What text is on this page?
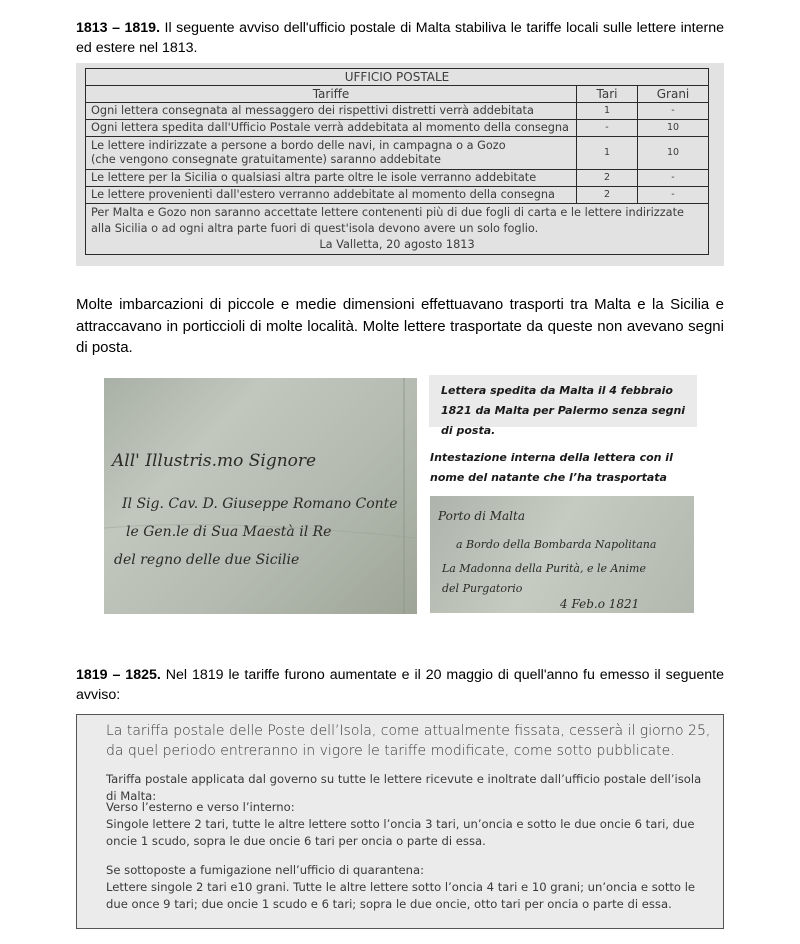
1813 – 1819. Il seguente avviso dell'ufficio postale di Malta stabiliva le tariffe locali sulle lettere interne ed estere nel 1813.
UFFICIO POSTALE		
Tariffe	Tari	Grani
Ogni lettera consegnata al messaggero dei rispettivi distretti verrà addebitata	1	-
Ogni lettera spedita dall'Ufficio Postale verrà addebitata al momento della consegna	-	10
Le lettere indirizzate a persone a bordo delle navi, in campagna o a Gozo
(che vengono consegnate gratuitamente) saranno addebitate	1	10
Le lettere per la Sicilia o qualsiasi altra parte oltre le isole verranno addebitate	2	-
Le lettere provenienti dall'estero verranno addebitate al momento della consegna	2	-
Per Malta e Gozo non saranno accettate lettere contenenti più di due fogli di carta e le lettere indirizzate alla Sicilia o ad ogni altra parte fuori di quest'isola devono avere un solo foglio.
La Valletta, 20 agosto 1813		
Molte imbarcazioni di piccole e medie dimensioni effettuavano trasporti tra Malta e la Sicilia e attraccavano in porticcioli di molte località. Molte lettere trasportate da queste non avevano segni di posta.
All' Illustris.mo Signore
Il Sig. Cav. D. Giuseppe Romano Conte
le Gen.le di Sua Maestà il Re
del regno delle due Sicilie
Lettera spedita da Malta il 4 febbraio 1821 da Malta per Palermo senza segni di posta.
Intestazione interna della lettera con il nome del natante che l’ha trasportata
Porto di Malta
a Bordo della Bombarda Napolitana
La Madonna della Purità, e le Anime
del Purgatorio
4 Feb.o 1821
1819 – 1825. Nel 1819 le tariffe furono aumentate e il 20 maggio di quell'anno fu emesso il seguente avviso:
La tariffa postale delle Poste dell’Isola, come attualmente fissata, cesserà il giorno 25, da quel periodo entreranno in vigore le tariffe modificate, come sotto pubblicate.
Tariffa postale applicata dal governo su tutte le lettere ricevute e inoltrate dall’ufficio postale dell’isola di Malta:
Verso l’esterno e verso l’interno:
Singole lettere 2 tari, tutte le altre lettere sotto l’oncia 3 tari, un’oncia e sotto le due oncie 6 tari, due oncie 1 scudo, sopra le due oncie 6 tari per oncia o parte di essa.
Se sottoposte a fumigazione nell’ufficio di quarantena:
Lettere singole 2 tari e10 grani. Tutte le altre lettere sotto l’oncia 4 tari e 10 grani; un’oncia e sotto le due once 9 tari; due oncie 1 scudo e 6 tari; sopra le due oncie, otto tari per oncia o parte di essa.
